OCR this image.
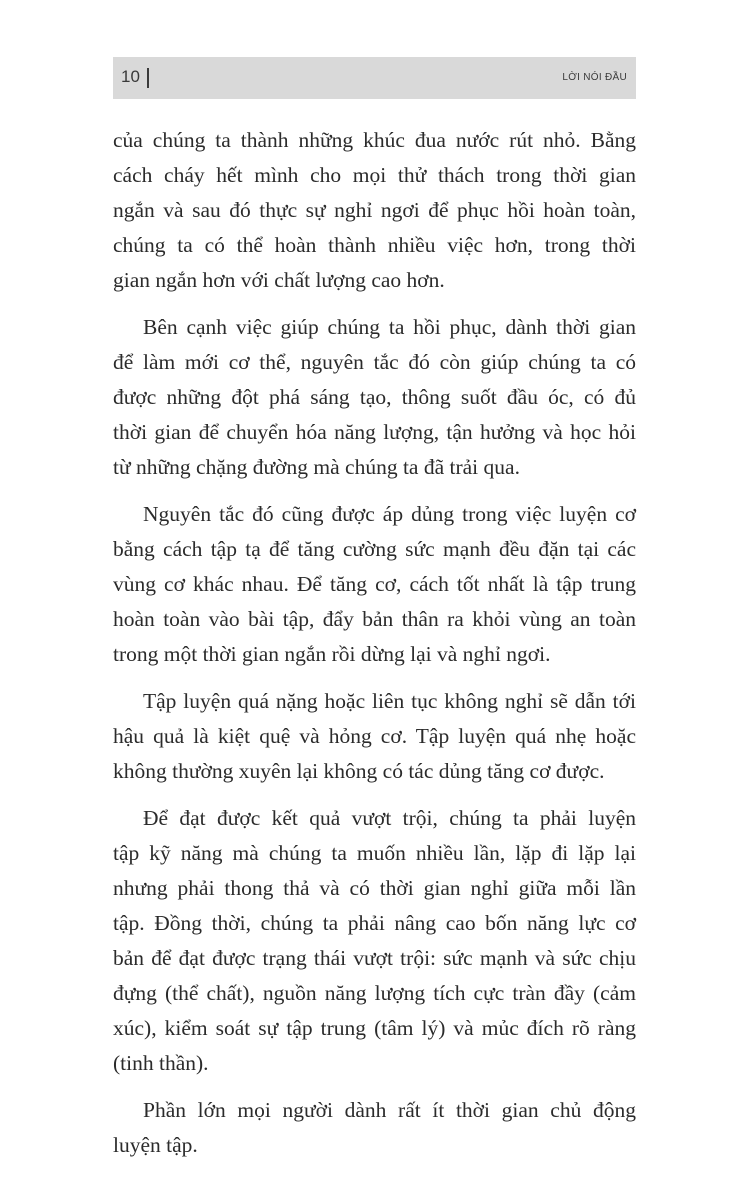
10	LỜI NÓI ĐẦU
của chúng ta thành những khúc đua nước rút nhỏ. Bằng
cách cháy hết mình cho mọi thử thách trong thời gian
ngắn và sau đó thực sự nghỉ ngơi để phục hồi hoàn toàn,
chúng ta có thể hoàn thành nhiều việc hơn, trong thời
gian ngắn hơn với chất lượng cao hơn.
Bên cạnh việc giúp chúng ta hồi phục, dành thời gian
để làm mới cơ thể, nguyên tắc đó còn giúp chúng ta có
được những đột phá sáng tạo, thông suốt đầu óc, có đủ
thời gian để chuyển hóa năng lượng, tận hưởng và học hỏi
từ những chặng đường mà chúng ta đã trải qua.
Nguyên tắc đó cũng được áp dủng trong việc luyện cơ
bằng cách tập tạ để tăng cường sức mạnh đều đặn tại các
vùng cơ khác nhau. Để tăng cơ, cách tốt nhất là tập trung
hoàn toàn vào bài tập, đẩy bản thân ra khỏi vùng an toàn
trong một thời gian ngắn rồi dừng lại và nghỉ ngơi.
Tập luyện quá nặng hoặc liên tục không nghỉ sẽ dẫn tới
hậu quả là kiệt quệ và hỏng cơ. Tập luyện quá nhẹ hoặc
không thường xuyên lại không có tác dủng tăng cơ được.
Để đạt được kết quả vượt trội, chúng ta phải luyện
tập kỹ năng mà chúng ta muốn nhiều lần, lặp đi lặp lại
nhưng phải thong thả và có thời gian nghỉ giữa mỗi lần
tập. Đồng thời, chúng ta phải nâng cao bốn năng lực cơ
bản để đạt được trạng thái vượt trội: sức mạnh và sức chịu
đựng (thể chất), nguồn năng lượng tích cực tràn đầy (cảm
xúc), kiểm soát sự tập trung (tâm lý) và mủc đích rõ ràng
(tinh thần).
Phần lớn mọi người dành rất ít thời gian chủ động
luyện tập.
